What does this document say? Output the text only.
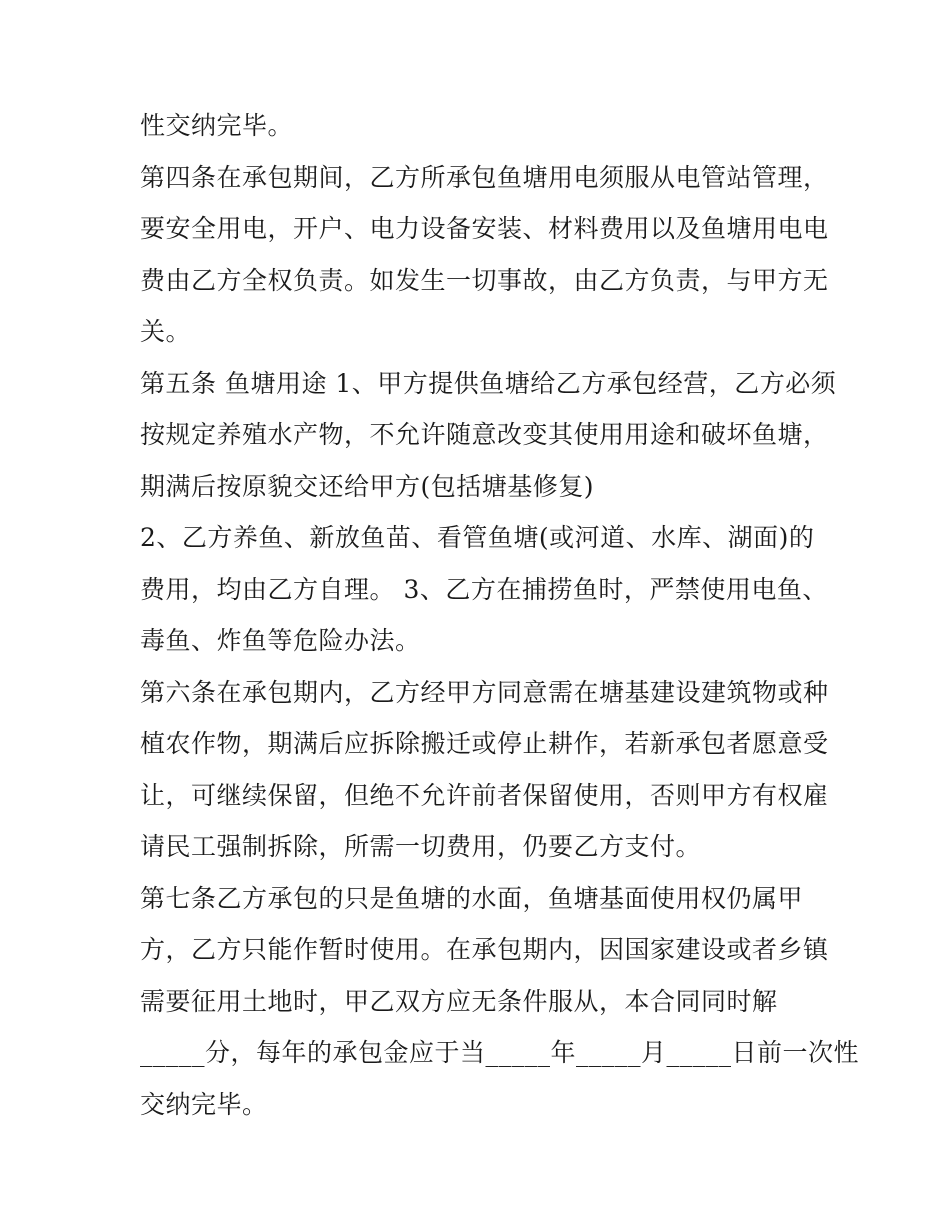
性交纳完毕。
第四条在承包期间，乙方所承包鱼塘用电须服从电管站管理，
要安全用电，开户、电力设备安装、材料费用以及鱼塘用电电
费由乙方全权负责。如发生一切事故，由乙方负责，与甲方无
关。
第五条 鱼塘用途 1、甲方提供鱼塘给乙方承包经营，乙方必须
按规定养殖水产物，不允许随意改变其使用用途和破坏鱼塘，
期满后按原貌交还给甲方(包括塘基修复)
2、乙方养鱼、新放鱼苗、看管鱼塘(或河道、水库、湖面)的
费用，均由乙方自理。 3、乙方在捕捞鱼时，严禁使用电鱼、
毒鱼、炸鱼等危险办法。
第六条在承包期内，乙方经甲方同意需在塘基建设建筑物或种
植农作物，期满后应拆除搬迁或停止耕作，若新承包者愿意受
让，可继续保留，但绝不允许前者保留使用，否则甲方有权雇
请民工强制拆除，所需一切费用，仍要乙方支付。
第七条乙方承包的只是鱼塘的水面，鱼塘基面使用权仍属甲
方，乙方只能作暂时使用。在承包期内，因国家建设或者乡镇
需要征用土地时，甲乙双方应无条件服从，本合同同时解
_____分，每年的承包金应于当_____年_____月_____日前一次性
交纳完毕。
